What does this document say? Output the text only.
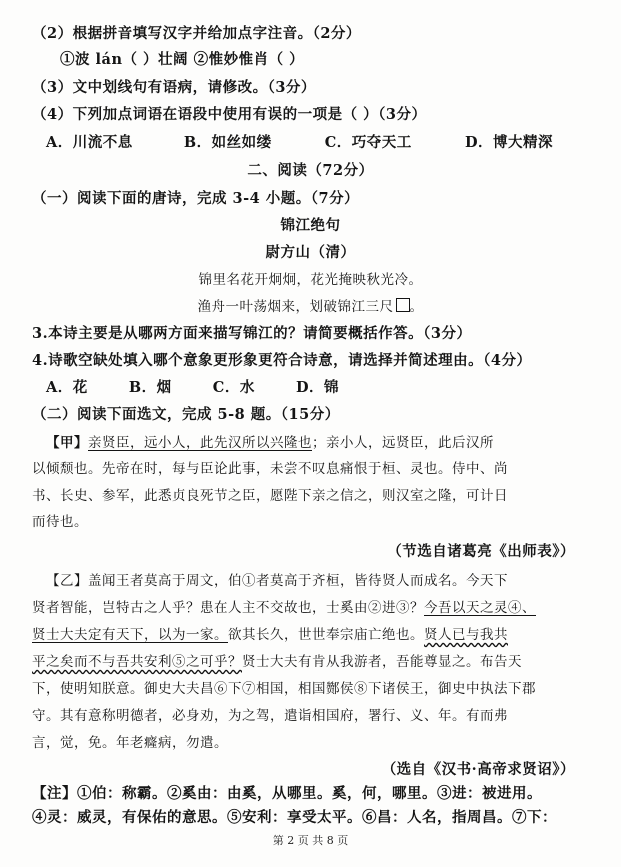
（2）根据拼音填写汉字并给加点字注音。（2分）
①波 lán（ ）壮阔 ②惟妙惟肖（ ）
（3）文中划线句有语病，请修改。（3分）
（4）下列加点词语在语段中使用有误的一项是（ ）（3分）
A．川流不息	B．如丝如缕	C．巧夺天工	D．博大精深
二、阅读（72分）
（一）阅读下面的唐诗，完成 3-4 小题。（7分）
锦江绝句
尉方山（清）
锦里名花开炯炯，花光掩映秋光冷。
渔舟一叶荡烟来，划破锦江三尺 。
3.本诗主要是从哪两方面来描写锦江的？请简要概括作答。（3分）
4.诗歌空缺处填入哪个意象更形象更符合诗意，请选择并简述理由。（4分）
A．花	B．烟	C．水	D．锦
（二）阅读下面选文，完成 5-8 题。（15分）
【甲】亲贤臣，远小人，此先汉所以兴隆也；亲小人，远贤臣，此后汉所
以倾颓也。先帝在时，每与臣论此事，未尝不叹息痛恨于桓、灵也。侍中、尚
书、长史、参军，此悉贞良死节之臣，愿陛下亲之信之，则汉室之隆，可计日
而待也。
（节选自诸葛亮《出师表》）
【乙】盖闻王者莫高于周文，伯①者莫高于齐桓，皆待贤人而成名。今天下
贤者智能，岂特古之人乎？患在人主不交故也，士奚由②进③？今吾以天之灵④、
贤士大夫定有天下，以为一家。欲其长久，世世奉宗庙亡绝也。贤人已与我共
平之矣而不与吾共安利⑤之可乎？贤士大夫有肯从我游者，吾能尊显之。布告天
下，使明知朕意。御史大夫昌⑥下⑦相国，相国酂侯⑧下诸侯王，御史中执法下郡
守。其有意称明德者，必身劝，为之驾，遣诣相国府，署行、义、年。有而弗
言，觉，免。年老癃病，勿遣。
（选自《汉书·高帝求贤诏》）
【注】①伯：称霸。②奚由：由奚，从哪里。奚，何，哪里。③进：被进用。
④灵：威灵，有保佑的意思。⑤安利：享受太平。⑥昌：人名，指周昌。⑦下：
第 2 页 共 8 页
